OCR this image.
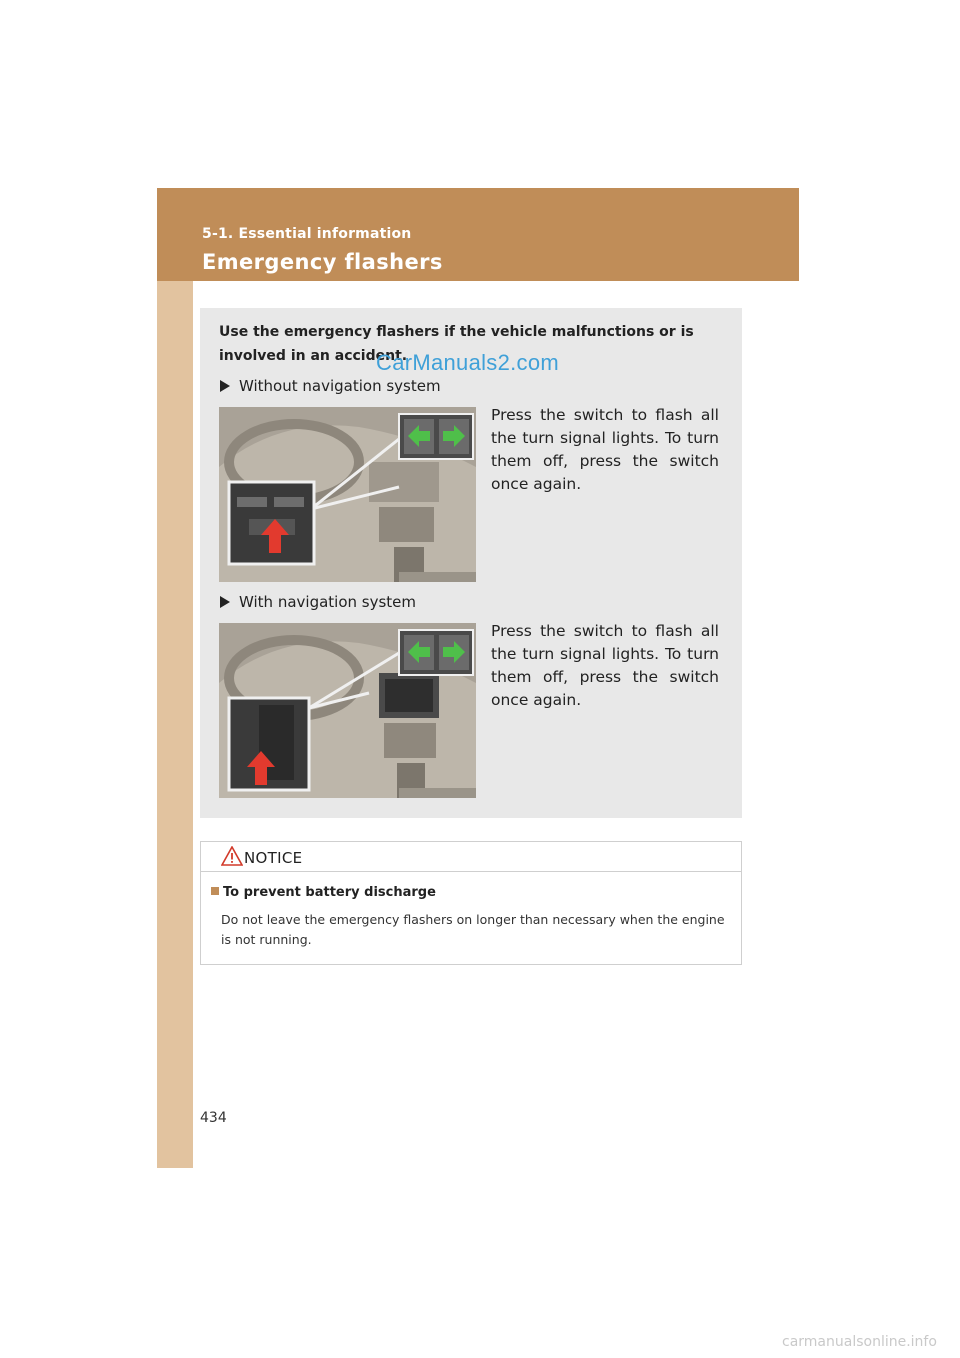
5-1. Essential information
Emergency flashers
Use the emergency flashers if the vehicle malfunctions or is involved in an accident.
CarManuals2.com
Without navigation system
Press the switch to flash all the turn signal lights. To turn them off, press the switch once again.
With navigation system
Press the switch to flash all the turn signal lights. To turn them off, press the switch once again.
NOTICE
To prevent battery discharge
Do not leave the emergency flashers on longer than necessary when the engine is not running.
434
carmanualsonline.info
